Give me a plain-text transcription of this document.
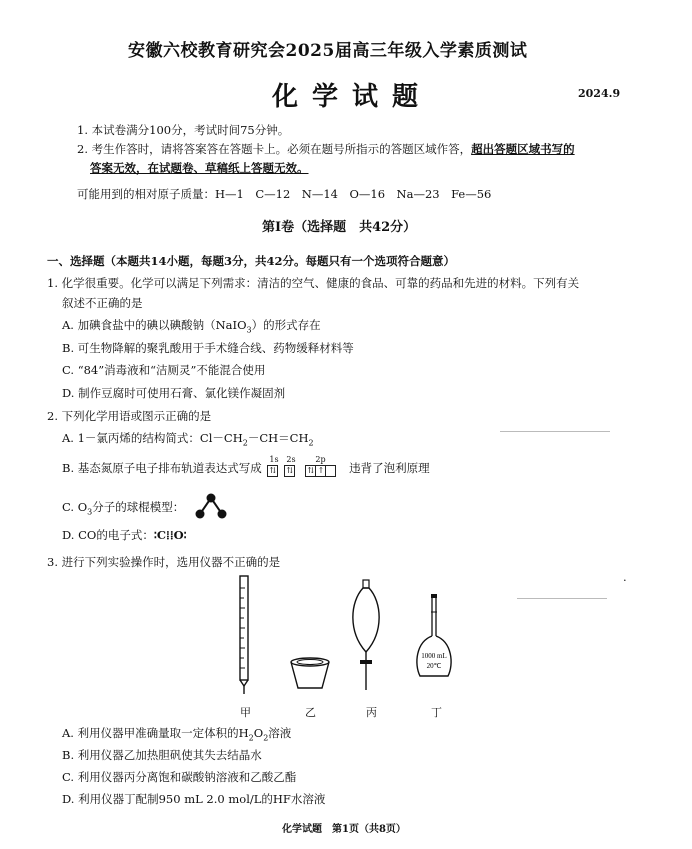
安徽六校教育研究会2025届高三年级入学素质测试
化学试题	2024.9
1. 本试卷满分100分，考试时间75分钟。
2. 考生作答时，请将答案答在答题卡上。必须在题号所指示的答题区域作答，超出答题区域书写的
答案无效，在试题卷、草稿纸上答题无效。
可能用到的相对原子质量：H—1　C—12　N—14　O—16　Na—23　Fe—56
第Ⅰ卷（选择题　共42分）
一、选择题（本题共14小题，每题3分，共42分。每题只有一个选项符合题意）
1. 化学很重要。化学可以满足下列需求：清洁的空气、健康的食品、可靠的药品和先进的材料。下列有关
叙述不正确的是
A. 加碘食盐中的碘以碘酸钠（NaIO$_3$）的形式存在
B. 可生物降解的聚乳酸用于手术缝合线、药物缓释材料等
C. “84”消毒液和“洁厕灵”不能混合使用
D. 制作豆腐时可使用石膏、氯化镁作凝固剂
2. 下列化学用语或图示正确的是
A. 1－氯丙烯的结构简式：$Cl-CH_2-CH=CH_2$
B. 基态氮原子电子排布轨道表达式写成
1s 2s 2p
⇅ ⇅ ⇅ ↑	违背了泡利原理
C. $O_3$分子的球棍模型：
D. CO的电子式：∶C⁞⁞O∶
3. 进行下列实验操作时，选用仪器不正确的是
·
1000 mL
20℃
甲	乙	丙	丁
A. 利用仪器甲准确量取一定体积的$H_2O_2$溶液
B. 利用仪器乙加热胆矾使其失去结晶水
C. 利用仪器丙分离饱和碳酸钠溶液和乙酸乙酯
D. 利用仪器丁配制950 mL 2.0 mol/L的HF水溶液
化学试题　第1页（共8页）
